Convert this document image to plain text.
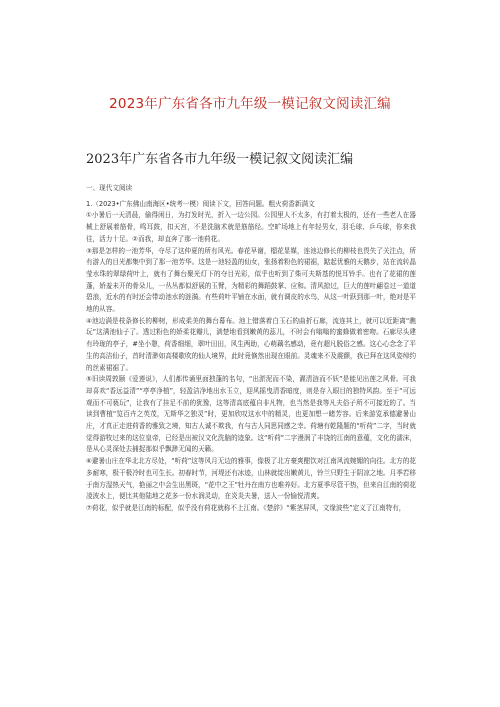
2023年广东省各市九年级一模记叙文阅读汇编
2023年广东省各市九年级一模记叙文阅读汇编

一、现代文阅读

1.（2023•广东佛山南海区•统考一模）阅读下文，回答问题。粗火荷香新满文

①小暑后一天清晨，偷得闲日，为打发时光，折入一边公园。公园里人不太多，有打着太极的，还有一些老人在器械上舒展着筋骨，鸣耳鼓，扣天宫，不是洗脑术就是筋筋经。空旷场地上有年轻男女，羽毛球、乒乓球，你来我往，活力十足。②而我，却直奔了那一池荷花。

③那是怎样的一池芳华，夺尽了这仲夏的所有风光。春花早谢，榴花显媒，连池边修长的柳枝也畏失了关注点，所有游人的目光都集中到了那一池芳华。这是一池轻盈的仙女，张扬着粉色的裙裾，踮起优雅的天鹅步，站在流转晶莹水珠的翠绿荷叶上，就有了舞台聚光灯下的夺目光彩，似乎也听到了柴可夫斯基的悦耳铃手。也有了花裙的莲蓬，娇羞未开的骨朵儿，一丛丛都似舒展的玉臂，为精彩的舞蹈鼓掌、应和。清风掠过，巨大的莲叶翩卷过一道道碧浪，近水的有时还会带动池水的涟漪。有些荷叶平铺在水面，就有调皮的水鸟，从这一叶跃到那一叶，绝对是平地的从容。

④池边满是枝条修长的柳树，形成柔美的舞台幕布。池上错落着白玉石的曲折石廊，流连其上，就可以近距离“瞧玩”这满池仙子了。透过粉色的娇柔花瓣儿，淌楚地看到嫩黄的蕊儿，不时会有嗡嗡的蜜蜂做着密吻。石廊尽头建有玲珑的亭子，#坐小憩，荷香细细，翠叶田田，风生两助，心萌藕名感动，竟有超凡脱俗之感。这心心念念了平生的高洁仙子，首时清渺如高楼歌吹的仙人境界，此时竟倏然出现在眼前。灵魂来不及震颤，我已拜在这风姿绰约的丝素裙裾了。

⑤旧读周敦颐《爱莲说》，人们都传诵里面独蓬的名句，“出淤泥而不染，濯清涟而不妖”是能见出莲之风骨。可我却喜欢“香远益清”“亭亭净植”，轻盈洁净地出水玉立，迎风摇曳清香暗度，则是存入眼目的独特风韵。至于“可远观而不可亵玩”，让我有了挂足不前的犹豫，这等清高底蕴自非凡物，也当然是我等凡夫俗子所不可接近的了。当读到曹植“览百卉之英茂，无斯华之独灵”时，更加欣叹这水中的精灵，也更加想一睹芳容。后来游览承德避暑山庄，才真正走进荷香的雅致之境，知古人诚不欺我，有与古人同思同感之幸。荷塘有乾隆题的“听荷”二字，当时就觉得游牧过来的这位皇帝，已经是出被汉文化洗脑的迹象。这“听荷”二字漫润了丰饶的江南的意蕴，文化的濡沫，是从心灵深处去捕捉那似乎飘渺无闻的天籁。

⑥避暑山庄在华北北方尽处，“听荷”这等风月无边的雅事，像极了北方豪爽酣饮对江南风流婉媚的向往。北方的花多耐寒，极干极冷时也可生长。初春时节，河堤还有冰迹，山林就绽出嫩黄儿，铃兰只野生于阴凉之地。月季若移于南方湿热天气，艳丽之中会生出黑斑，“花中之王”牡丹在南方也难养好。北方夏季尽管干热，但来自江南的荷花凌波水上，便比其他陆地之花多一份水润灵动，在炎炎夫暑，送人一份愉悦清爽。

⑦荷花，似乎就是江南的标配，似乎没有荷花就称不上江南。《楚辞》“紫茎屏风，文缘波些”定义了江南特有，
